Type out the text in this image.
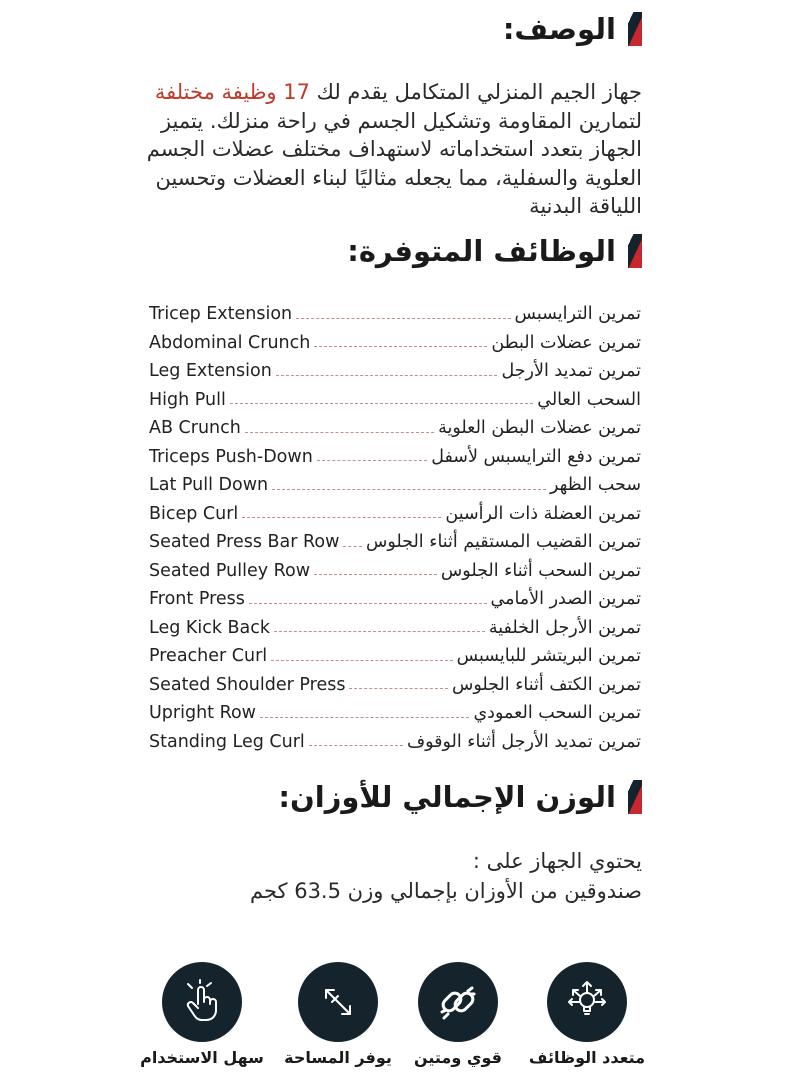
الوصف:
جهاز الجيم المنزلي المتكامل يقدم لك 17 وظيفة مختلفة لتمارين المقاومة وتشكيل الجسم في راحة منزلك. يتميز الجهاز بتعدد استخداماته لاستهداف مختلف عضلات الجسم العلوية والسفلية، مما يجعله مثاليًا لبناء العضلات وتحسين اللياقة البدنية
الوظائف المتوفرة:
Tricep Extension	تمرين الترايسبس
Abdominal Crunch	تمرين عضلات البطن
Leg Extension	تمرين تمديد الأرجل
High Pull	السحب العالي
AB Crunch	تمرين عضلات البطن العلوية
Triceps Push-Down	تمرين دفع الترايسبس لأسفل
Lat Pull Down	سحب الظهر
Bicep Curl	تمرين العضلة ذات الرأسين
Seated Press Bar Row تمرين القضيب المستقيم أثناء الجلوس
Seated Pulley Row	تمرين السحب أثناء الجلوس
Front Press	تمرين الصدر الأمامي
Leg Kick Back	تمرين الأرجل الخلفية
Preacher Curl	تمرين البريتشر للبايسبس
Seated Shoulder Press	تمرين الكتف أثناء الجلوس
Upright Row	تمرين السحب العمودي
Standing Leg Curl	تمرين تمديد الأرجل أثناء الوقوف
الوزن الإجمالي للأوزان:
يحتوي الجهاز على :
صندوقين من الأوزان بإجمالي وزن 63.5 كجم
متعدد الوظائف
قوي ومتين
يوفر المساحة
سهل الاستخدام
